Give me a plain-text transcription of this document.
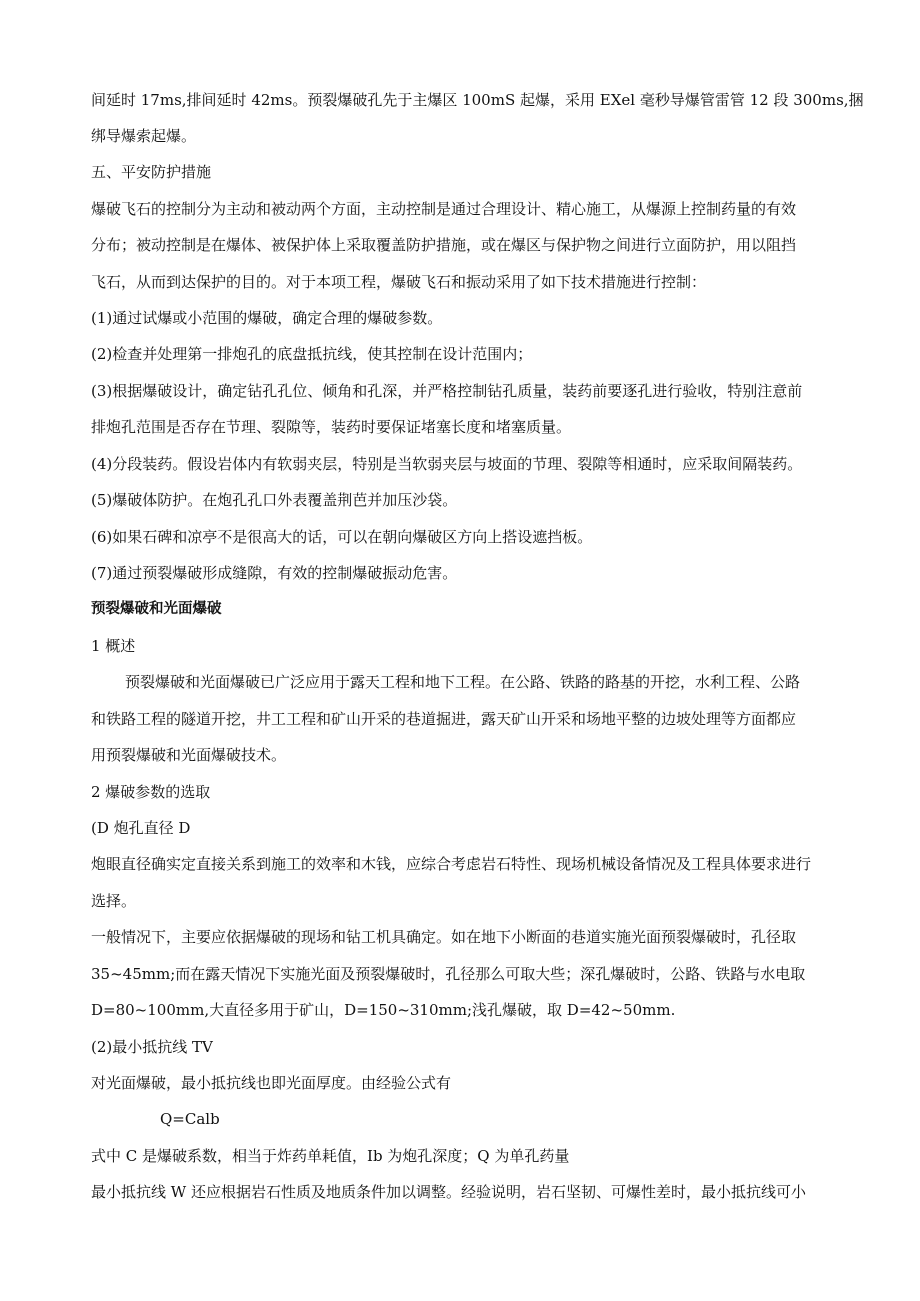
间延时 17ms,排间延时 42ms。预裂爆破孔先于主爆区 100mS 起爆，采用 EXel 毫秒导爆管雷管 12 段 300ms,捆
绑导爆索起爆。
五、平安防护措施
爆破飞石的控制分为主动和被动两个方面，主动控制是通过合理设计、精心施工，从爆源上控制药量的有效
分布；被动控制是在爆体、被保护体上采取覆盖防护措施，或在爆区与保护物之间进行立面防护，用以阻挡
飞石，从而到达保护的目的。对于本项工程，爆破飞石和振动采用了如下技术措施进行控制：
(1)通过试爆或小范围的爆破，确定合理的爆破参数。
(2)检查并处理第一排炮孔的底盘抵抗线，使其控制在设计范围内；
(3)根据爆破设计，确定钻孔孔位、倾角和孔深，并严格控制钻孔质量，装药前要逐孔进行验收，特别注意前
排炮孔范围是否存在节理、裂隙等，装药时要保证堵塞长度和堵塞质量。
(4)分段装药。假设岩体内有软弱夹层，特别是当软弱夹层与坡面的节理、裂隙等相通时，应采取间隔装药。
(5)爆破体防护。在炮孔孔口外表覆盖荆芭并加压沙袋。
(6)如果石碑和凉亭不是很高大的话，可以在朝向爆破区方向上搭设遮挡板。
(7)通过预裂爆破形成缝隙，有效的控制爆破振动危害。
预裂爆破和光面爆破
1 概述
预裂爆破和光面爆破已广泛应用于露天工程和地下工程。在公路、铁路的路基的开挖，水利工程、公路
和铁路工程的隧道开挖，井工工程和矿山开采的巷道掘进，露天矿山开采和场地平整的边坡处理等方面都应
用预裂爆破和光面爆破技术。
2 爆破参数的选取
(D 炮孔直径 D
炮眼直径确实定直接关系到施工的效率和木钱，应综合考虑岩石特性、现场机械设备情况及工程具体要求进行
选择。
一般情况下，主要应依据爆破的现场和钻工机具确定。如在地下小断面的巷道实施光面预裂爆破时，孔径取
35~45mm;而在露天情况下实施光面及预裂爆破时，孔径那么可取大些；深孔爆破时，公路、铁路与水电取
D=80~100mm,大直径多用于矿山，D=150~310mm;浅孔爆破，取 D=42~50mm.
(2)最小抵抗线 TV
对光面爆破，最小抵抗线也即光面厚度。由经验公式有
Q=Calb
式中 C 是爆破系数，相当于炸药单耗值，Ib 为炮孔深度；Q 为单孔药量
最小抵抗线 W 还应根据岩石性质及地质条件加以调整。经验说明，岩石坚韧、可爆性差时，最小抵抗线可小
